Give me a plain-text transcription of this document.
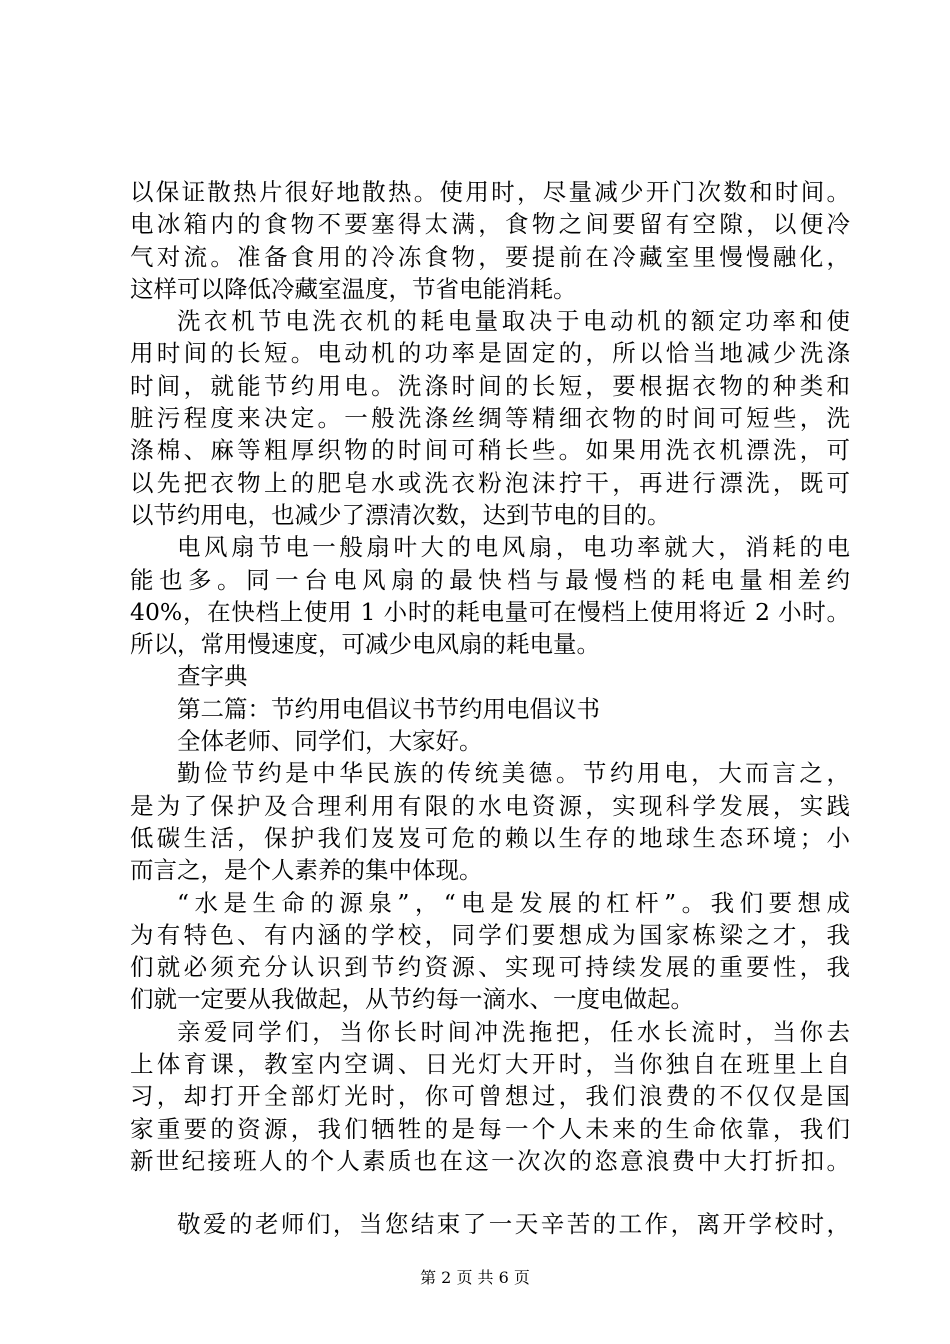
以保证散热片很好地散热。使用时，尽量减少开门次数和时间。
电冰箱内的食物不要塞得太满，食物之间要留有空隙，以便冷
气对流。准备食用的冷冻食物，要提前在冷藏室里慢慢融化，
这样可以降低冷藏室温度，节省电能消耗。
洗衣机节电洗衣机的耗电量取决于电动机的额定功率和使
用时间的长短。电动机的功率是固定的，所以恰当地减少洗涤
时间，就能节约用电。洗涤时间的长短，要根据衣物的种类和
脏污程度来决定。一般洗涤丝绸等精细衣物的时间可短些，洗
涤棉、麻等粗厚织物的时间可稍长些。如果用洗衣机漂洗，可
以先把衣物上的肥皂水或洗衣粉泡沫拧干，再进行漂洗，既可
以节约用电，也减少了漂清次数，达到节电的目的。
电风扇节电一般扇叶大的电风扇，电功率就大，消耗的电
能也多。同一台电风扇的最快档与最慢档的耗电量相差约
40%，在快档上使用 1 小时的耗电量可在慢档上使用将近 2 小时。
所以，常用慢速度，可减少电风扇的耗电量。
查字典
第二篇：节约用电倡议书节约用电倡议书
全体老师、同学们，大家好。
勤俭节约是中华民族的传统美德。节约用电，大而言之，
是为了保护及合理利用有限的水电资源，实现科学发展，实践
低碳生活，保护我们岌岌可危的赖以生存的地球生态环境；小
而言之，是个人素养的集中体现。
“水是生命的源泉”，“电是发展的杠杆”。我们要想成
为有特色、有内涵的学校，同学们要想成为国家栋梁之才，我
们就必须充分认识到节约资源、实现可持续发展的重要性，我
们就一定要从我做起，从节约每一滴水、一度电做起。
亲爱同学们，当你长时间冲洗拖把，任水长流时，当你去
上体育课，教室内空调、日光灯大开时，当你独自在班里上自
习，却打开全部灯光时，你可曾想过，我们浪费的不仅仅是国
家重要的资源，我们牺牲的是每一个人未来的生命依靠，我们
新世纪接班人的个人素质也在这一次次的恣意浪费中大打折扣。
敬爱的老师们，当您结束了一天辛苦的工作，离开学校时，
第 2 页 共 6 页
